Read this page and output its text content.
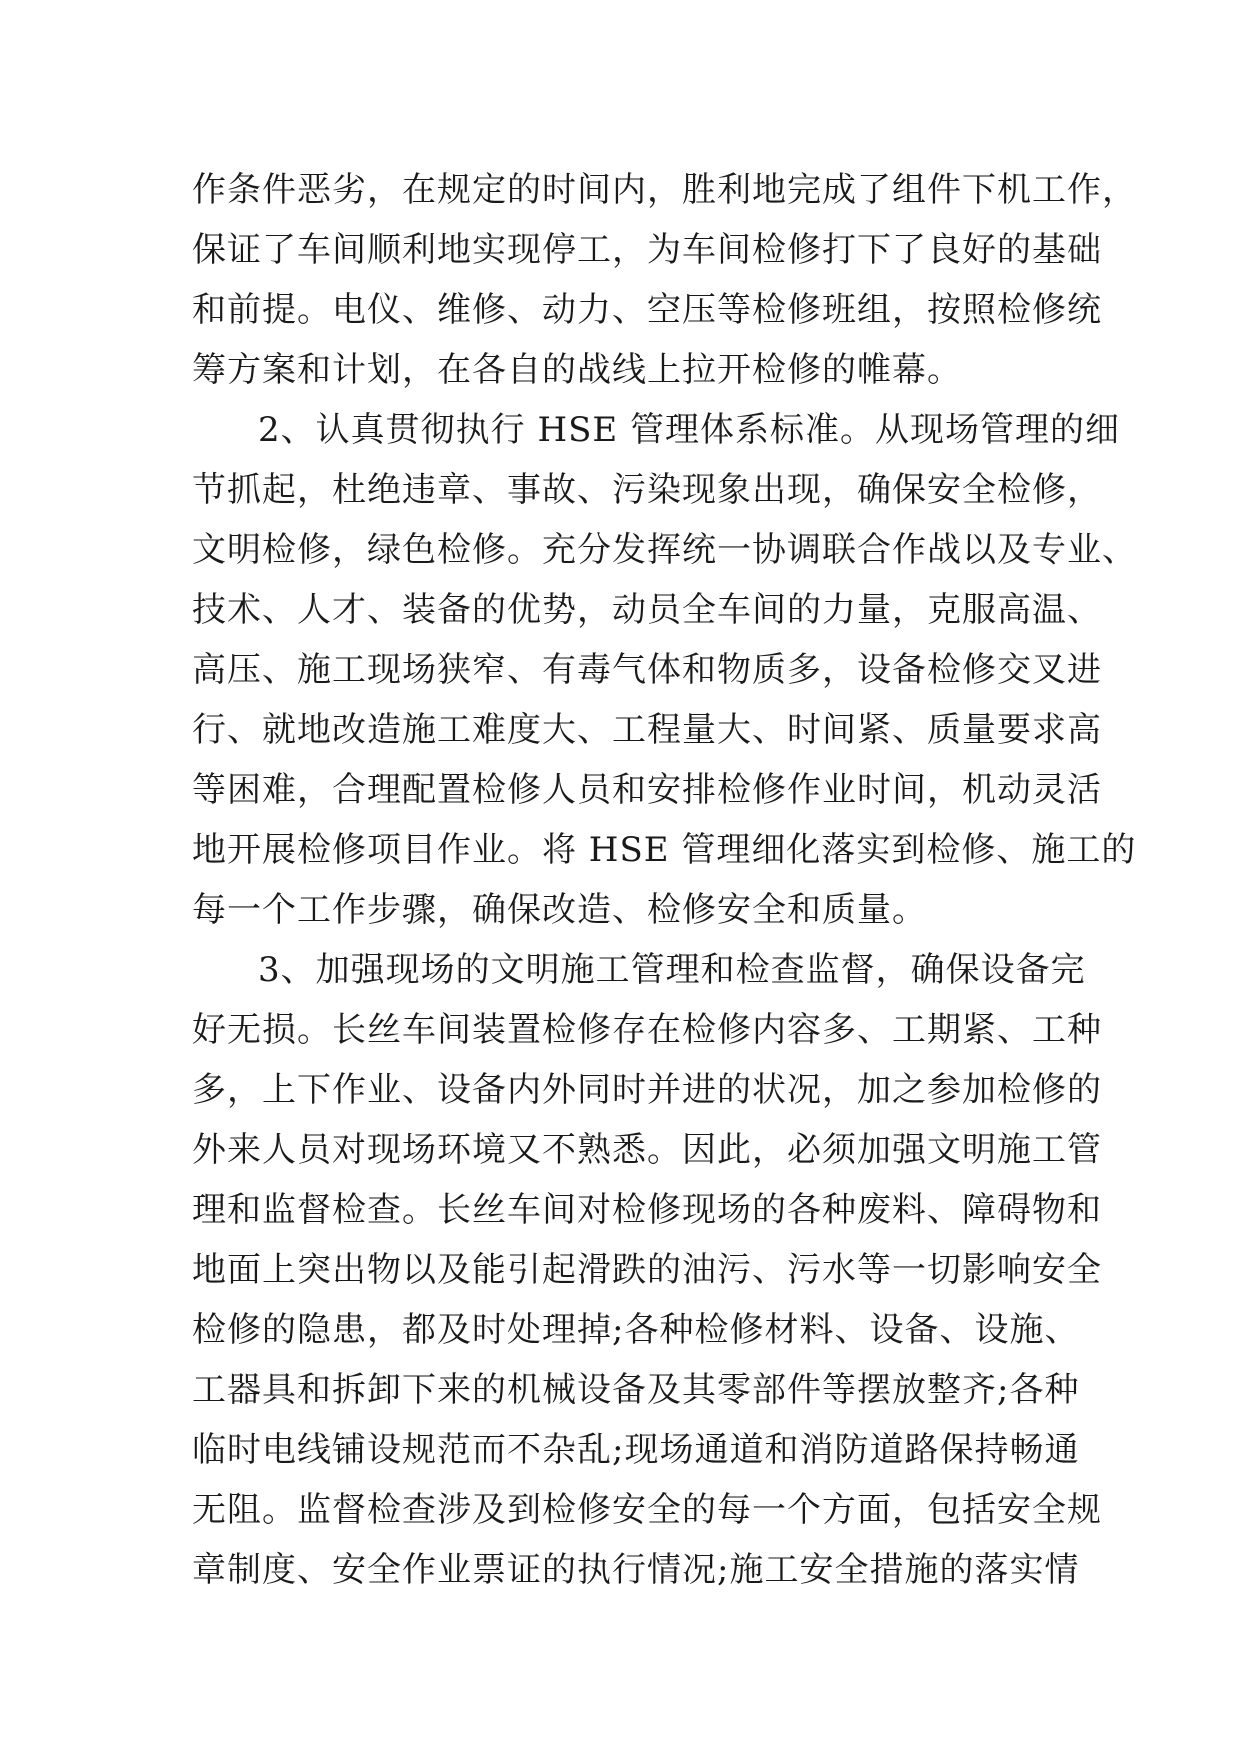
作条件恶劣，在规定的时间内，胜利地完成了组件下机工作，
保证了车间顺利地实现停工，为车间检修打下了良好的基础
和前提。电仪、维修、动力、空压等检修班组，按照检修统
筹方案和计划，在各自的战线上拉开检修的帷幕。
2、认真贯彻执行 HSE 管理体系标准。从现场管理的细
节抓起，杜绝违章、事故、污染现象出现，确保安全检修，
文明检修，绿色检修。充分发挥统一协调联合作战以及专业、
技术、人才、装备的优势，动员全车间的力量，克服高温、
高压、施工现场狭窄、有毒气体和物质多，设备检修交叉进
行、就地改造施工难度大、工程量大、时间紧、质量要求高
等困难，合理配置检修人员和安排检修作业时间，机动灵活
地开展检修项目作业。将 HSE 管理细化落实到检修、施工的
每一个工作步骤，确保改造、检修安全和质量。
3、加强现场的文明施工管理和检查监督，确保设备完
好无损。长丝车间装置检修存在检修内容多、工期紧、工种
多，上下作业、设备内外同时并进的状况，加之参加检修的
外来人员对现场环境又不熟悉。因此，必须加强文明施工管
理和监督检查。长丝车间对检修现场的各种废料、障碍物和
地面上突出物以及能引起滑跌的油污、污水等一切影响安全
检修的隐患，都及时处理掉;各种检修材料、设备、设施、
工器具和拆卸下来的机械设备及其零部件等摆放整齐;各种
临时电线铺设规范而不杂乱;现场通道和消防道路保持畅通
无阻。监督检查涉及到检修安全的每一个方面，包括安全规
章制度、安全作业票证的执行情况;施工安全措施的落实情
